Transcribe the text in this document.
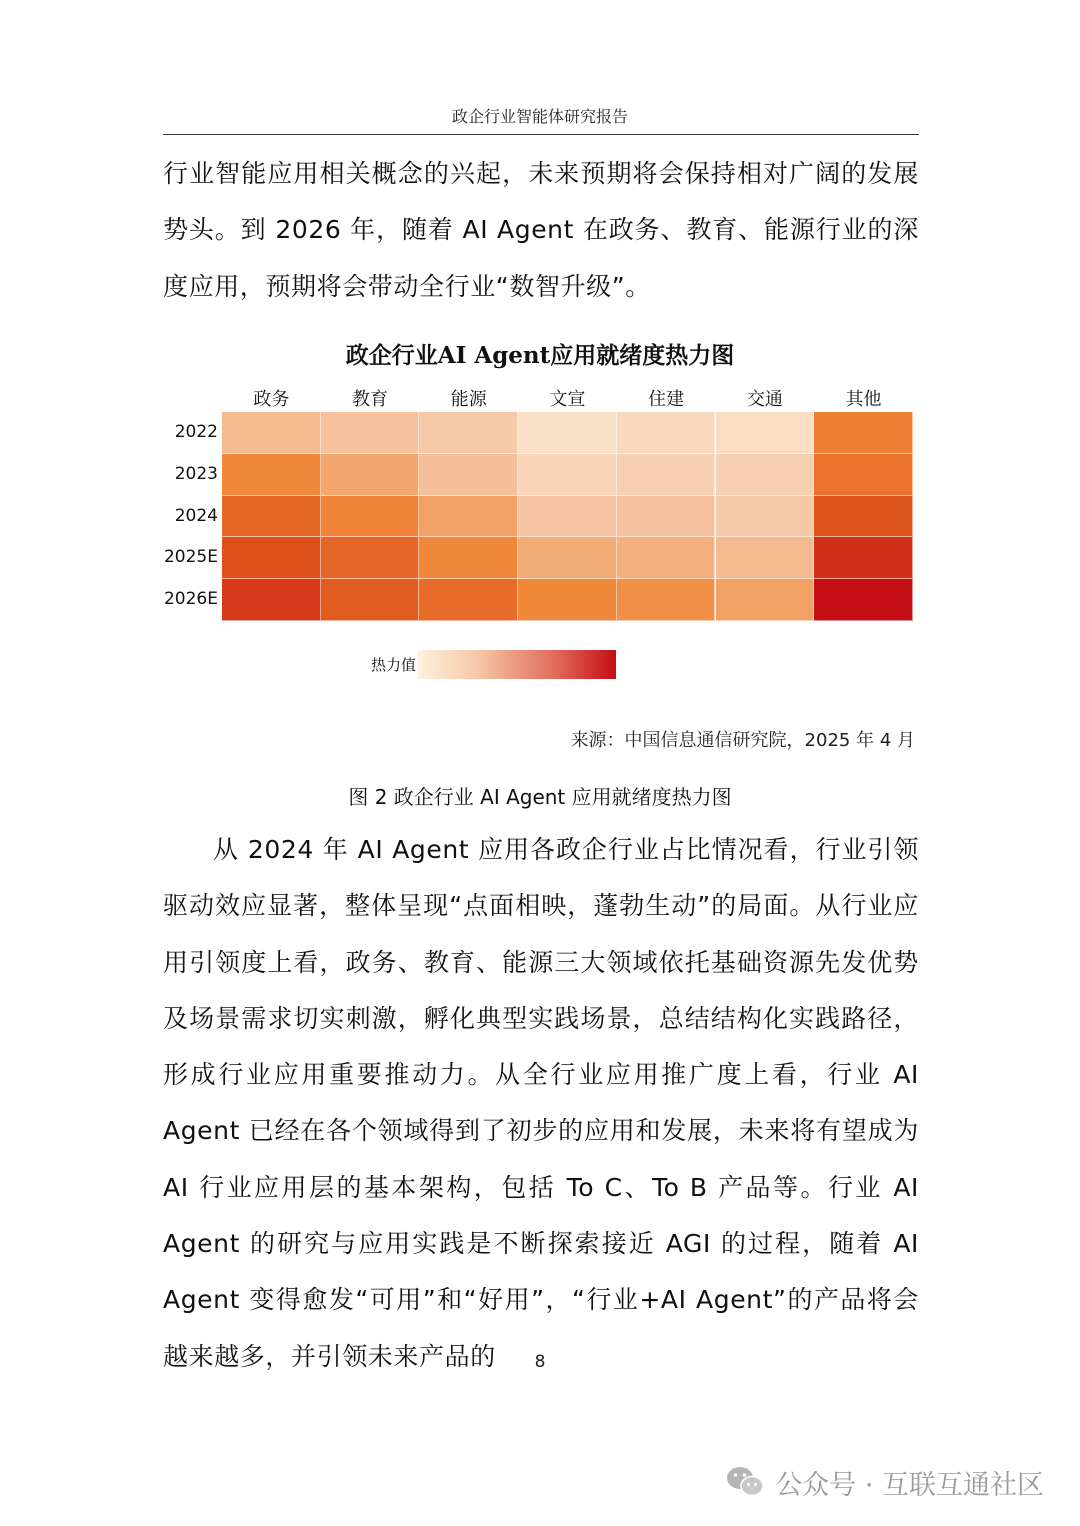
政企行业智能体研究报告

行业智能应用相关概念的兴起，未来预期将会保持相对广阔的发展势头。到 2026 年，随着 AI Agent 在政务、教育、能源行业的深度应用，预期将会带动全行业“数智升级”。

政企行业AI Agent应用就绪度热力图
政务	教育	能源	文宣	住建	交通	其他
2022
2023
2024
2025E
2026E
热力值
来源：中国信息通信研究院，2025 年 4 月
图 2 政企行业 AI Agent 应用就绪度热力图

从 2024 年 AI Agent 应用各政企行业占比情况看，行业引领驱动效应显著，整体呈现“点面相映，蓬勃生动”的局面。从行业应用引领度上看，政务、教育、能源三大领域依托基础资源先发优势及场景需求切实刺激，孵化典型实践场景，总结结构化实践路径，形成行业应用重要推动力。从全行业应用推广度上看，行业 AI Agent 已经在各个领域得到了初步的应用和发展，未来将有望成为 AI 行业应用层的基本架构，包括 To C、To B 产品等。行业 AI Agent 的研究与应用实践是不断探索接近 AGI 的过程，随着 AI Agent 变得愈发“可用”和“好用”，“行业+AI Agent”的产品将会越来越多，并引领未来产品的	8
公众号 · 互联互通社区
